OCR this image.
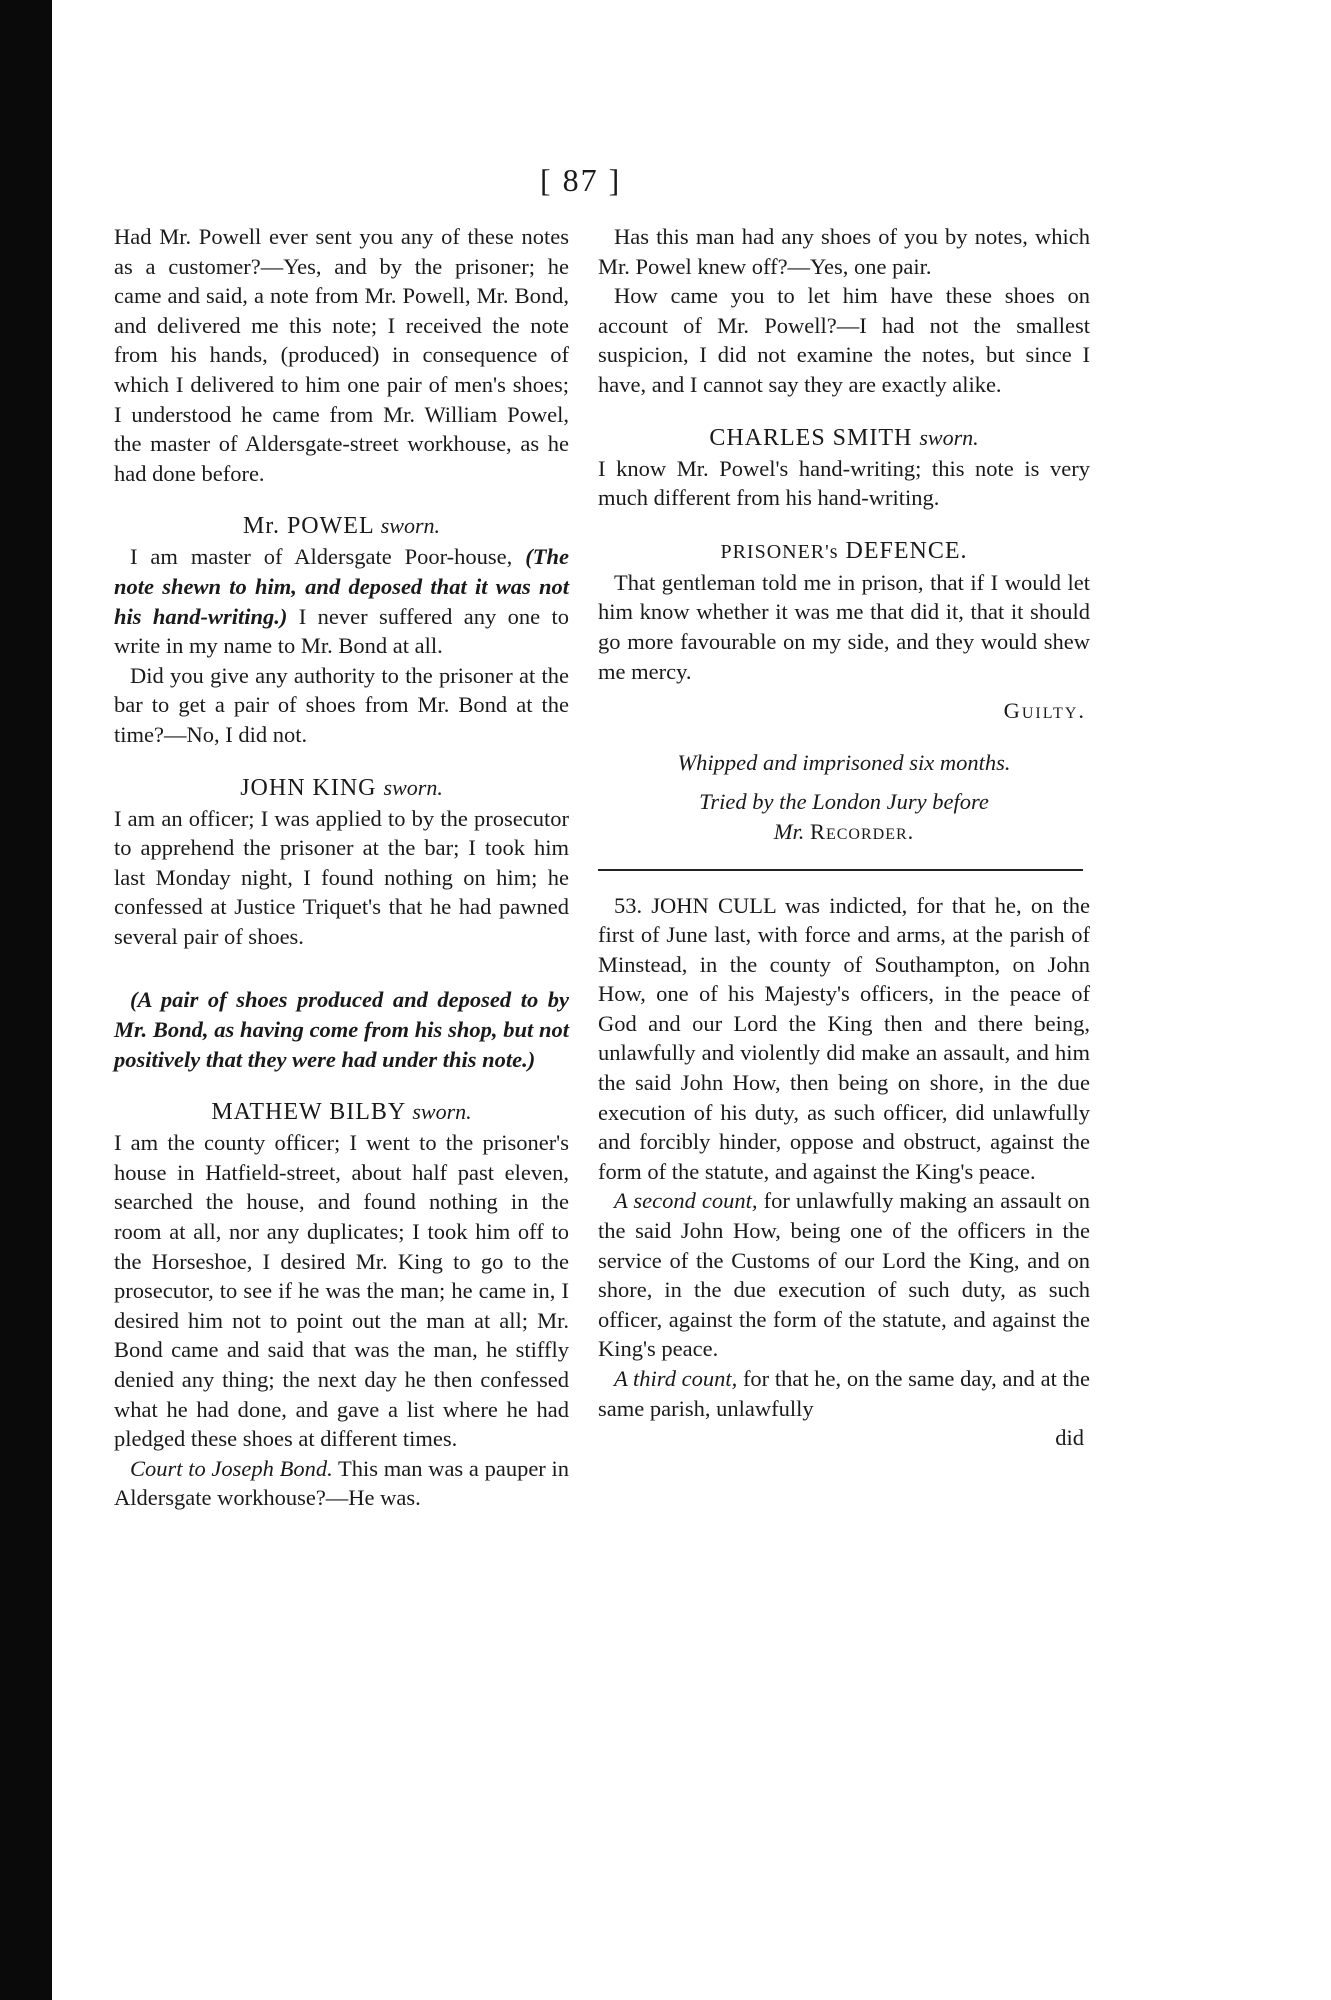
[ 87 ]

Had Mr. Powell ever sent you any of these notes as a customer?—Yes, and by the prisoner; he came and said, a note from Mr. Powell, Mr. Bond, and delivered me this note; I received the note from his hands, (produced) in consequence of which I delivered to him one pair of men's shoes; I understood he came from Mr. William Powel, the master of Aldersgate-street workhouse, as he had done before.

Mr. POWEL sworn.

I am master of Aldersgate Poor-house, (The note shewn to him, and deposed that it was not his hand-writing.) I never suffered any one to write in my name to Mr. Bond at all.

Did you give any authority to the prisoner at the bar to get a pair of shoes from Mr. Bond at the time?—No, I did not.

JOHN KING sworn.

I am an officer; I was applied to by the prosecutor to apprehend the prisoner at the bar; I took him last Monday night, I found nothing on him; he confessed at Justice Triquet's that he had pawned several pair of shoes.

(A pair of shoes produced and deposed to by Mr. Bond, as having come from his shop, but not positively that they were had under this note.)

MATHEW BILBY sworn.

I am the county officer; I went to the prisoner's house in Hatfield-street, about half past eleven, searched the house, and found nothing in the room at all, nor any duplicates; I took him off to the Horseshoe, I desired Mr. King to go to the prosecutor, to see if he was the man; he came in, I desired him not to point out the man at all; Mr. Bond came and said that was the man, he stiffly denied any thing; the next day he then confessed what he had done, and gave a list where he had pledged these shoes at different times.

Court to Joseph Bond. This man was a pauper in Aldersgate workhouse?—He was.

Has this man had any shoes of you by notes, which Mr. Powel knew off?—Yes, one pair.

How came you to let him have these shoes on account of Mr. Powell?—I had not the smallest suspicion, I did not examine the notes, but since I have, and I cannot say they are exactly alike.

CHARLES SMITH sworn.

I know Mr. Powel's hand-writing; this note is very much different from his hand-writing.

PRISONER's DEFENCE.

That gentleman told me in prison, that if I would let him know whether it was me that did it, that it should go more favourable on my side, and they would shew me mercy.

Guilty.

Whipped and imprisoned six months.

Tried by the London Jury before
Mr. Recorder.

53. JOHN CULL was indicted, for that he, on the first of June last, with force and arms, at the parish of Minstead, in the county of Southampton, on John How, one of his Majesty's officers, in the peace of God and our Lord the King then and there being, unlawfully and violently did make an assault, and him the said John How, then being on shore, in the due execution of his duty, as such officer, did unlawfully and forcibly hinder, oppose and obstruct, against the form of the statute, and against the King's peace.

A second count, for unlawfully making an assault on the said John How, being one of the officers in the service of the Customs of our Lord the King, and on shore, in the due execution of such duty, as such officer, against the form of the statute, and against the King's peace.

A third count, for that he, on the same day, and at the same parish, unlawfully

did
